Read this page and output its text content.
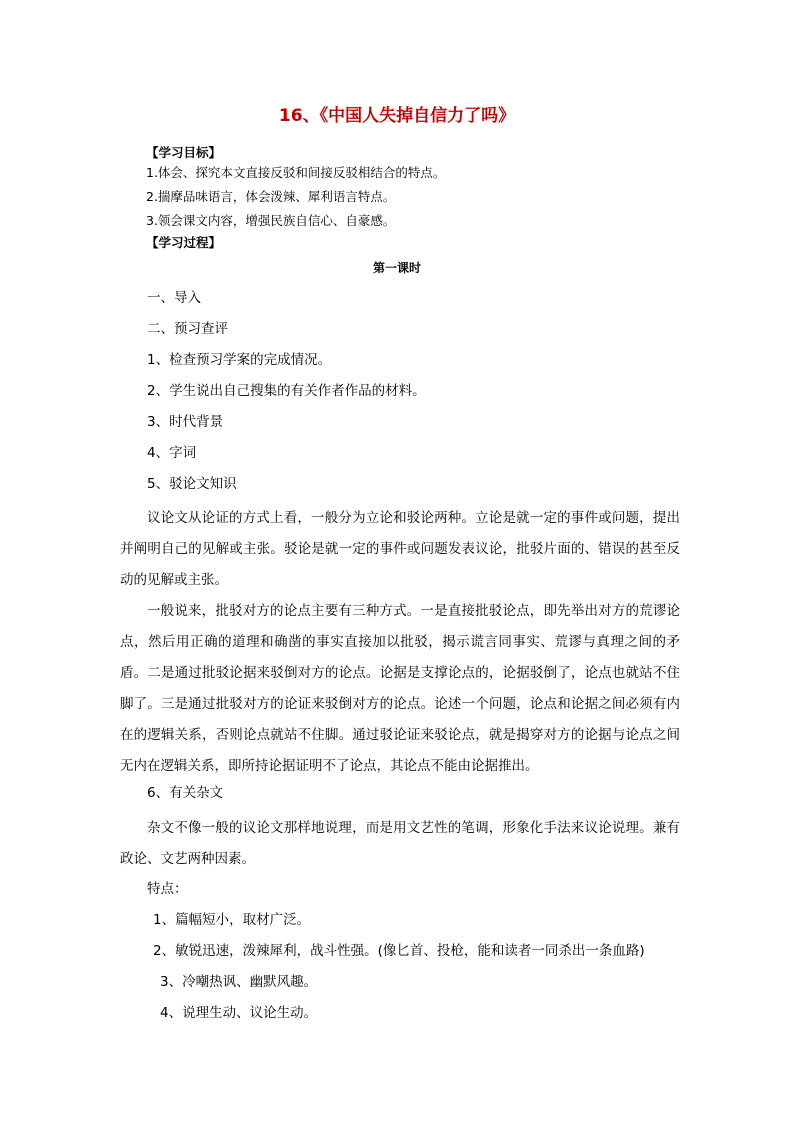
16、《中国人失掉自信力了吗》
【学习目标】
1.体会、探究本文直接反驳和间接反驳相结合的特点。
2.揣摩品味语言，体会泼辣、犀利语言特点。
3.领会课文内容，增强民族自信心、自豪感。
【学习过程】
第一课时
一、导入
二、预习查评
1、检查预习学案的完成情况。
2、学生说出自己搜集的有关作者作品的材料。
3、时代背景
4、字词
5、驳论文知识

议论文从论证的方式上看，一般分为立论和驳论两种。立论是就一定的事件或问题，提出并阐明自己的见解或主张。驳论是就一定的事件或问题发表议论，批驳片面的、错误的甚至反动的见解或主张。

一般说来，批驳对方的论点主要有三种方式。一是直接批驳论点，即先举出对方的荒谬论点，然后用正确的道理和确凿的事实直接加以批驳，揭示谎言同事实、荒谬与真理之间的矛盾。二是通过批驳论据来驳倒对方的论点。论据是支撑论点的，论据驳倒了，论点也就站不住脚了。三是通过批驳对方的论证来驳倒对方的论点。论述一个问题，论点和论据之间必须有内在的逻辑关系，否则论点就站不住脚。通过驳论证来驳论点，就是揭穿对方的论据与论点之间无内在逻辑关系，即所持论据证明不了论点，其论点不能由论据推出。

6、有关杂文

杂文不像一般的议论文那样地说理，而是用文艺性的笔调，形象化手法来议论说理。兼有政论、文艺两种因素。

特点：
1、篇幅短小，取材广泛。
2、敏锐迅速，泼辣犀利，战斗性强。(像匕首、投枪，能和读者一同杀出一条血路)
3、冷嘲热讽、幽默风趣。
4、说理生动、议论生动。
